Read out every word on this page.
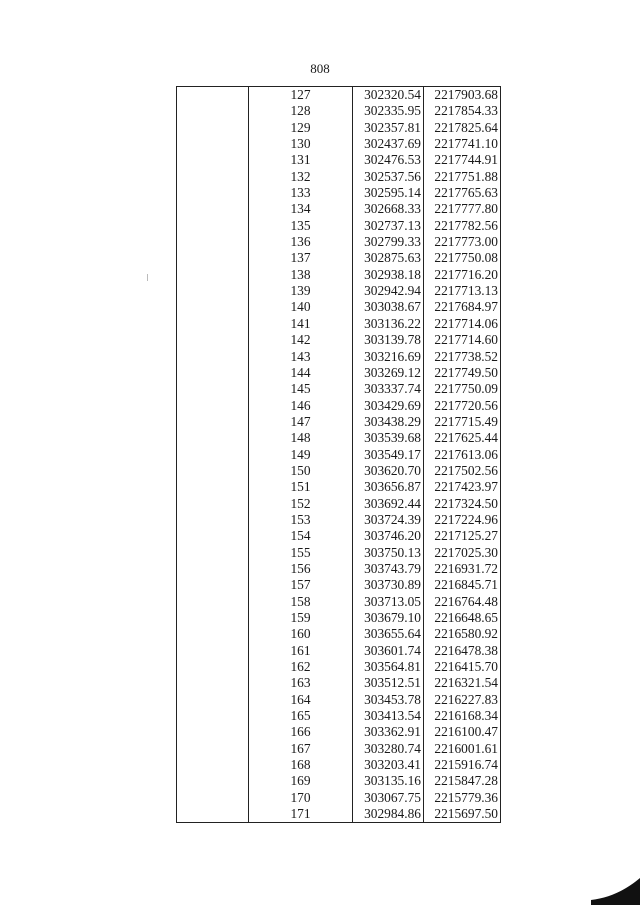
808
	127	302320.54	2217903.68
	128	302335.95	2217854.33
	129	302357.81	2217825.64
	130	302437.69	2217741.10
	131	302476.53	2217744.91
	132	302537.56	2217751.88
	133	302595.14	2217765.63
	134	302668.33	2217777.80
	135	302737.13	2217782.56
	136	302799.33	2217773.00
	137	302875.63	2217750.08
	138	302938.18	2217716.20
	139	302942.94	2217713.13
	140	303038.67	2217684.97
	141	303136.22	2217714.06
	142	303139.78	2217714.60
	143	303216.69	2217738.52
	144	303269.12	2217749.50
	145	303337.74	2217750.09
	146	303429.69	2217720.56
	147	303438.29	2217715.49
	148	303539.68	2217625.44
	149	303549.17	2217613.06
	150	303620.70	2217502.56
	151	303656.87	2217423.97
	152	303692.44	2217324.50
	153	303724.39	2217224.96
	154	303746.20	2217125.27
	155	303750.13	2217025.30
	156	303743.79	2216931.72
	157	303730.89	2216845.71
	158	303713.05	2216764.48
	159	303679.10	2216648.65
	160	303655.64	2216580.92
	161	303601.74	2216478.38
	162	303564.81	2216415.70
	163	303512.51	2216321.54
	164	303453.78	2216227.83
	165	303413.54	2216168.34
	166	303362.91	2216100.47
	167	303280.74	2216001.61
	168	303203.41	2215916.74
	169	303135.16	2215847.28
	170	303067.75	2215779.36
	171	302984.86	2215697.50
